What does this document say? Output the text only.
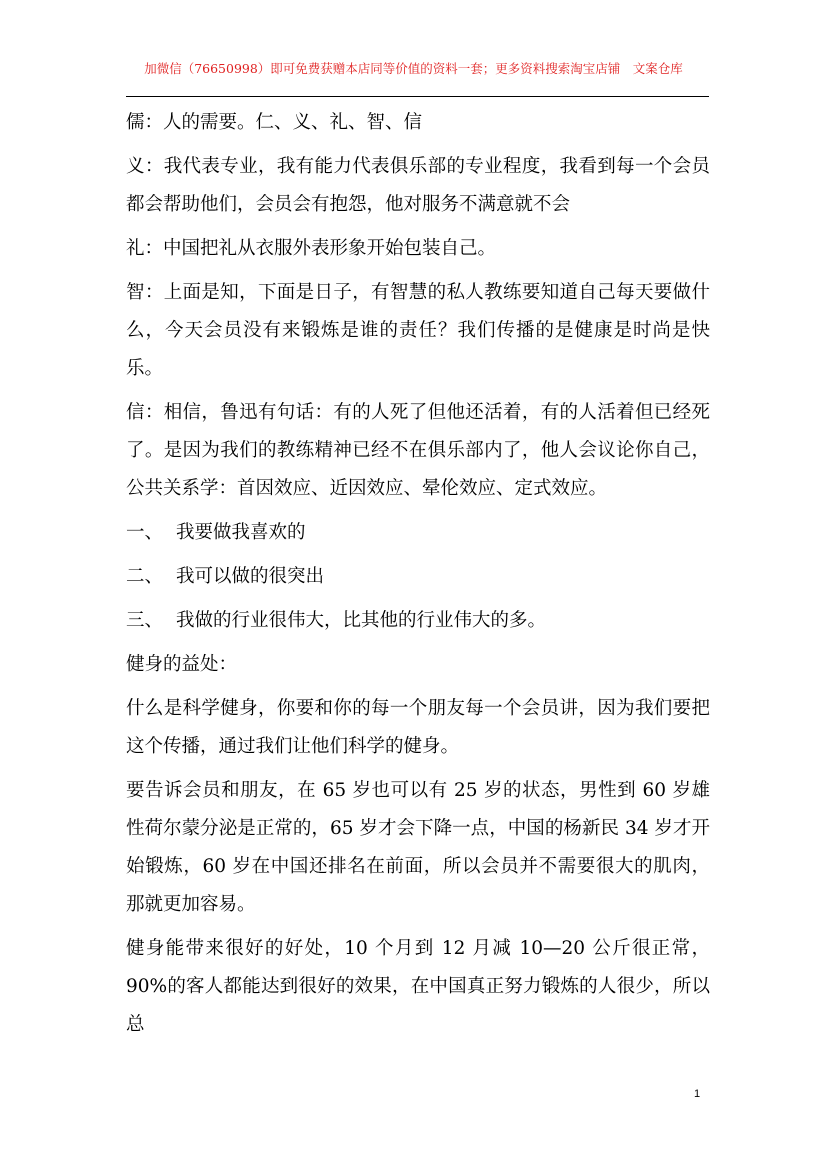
加微信（76650998）即可免费获赠本店同等价值的资料一套；更多资料搜索淘宝店铺　文案仓库

儒：人的需要。仁、义、礼、智、信

义：我代表专业，我有能力代表俱乐部的专业程度，我看到每一个会员都会帮助他们，会员会有抱怨，他对服务不满意就不会

礼：中国把礼从衣服外表形象开始包装自己。

智：上面是知，下面是日子，有智慧的私人教练要知道自己每天要做什么，今天会员没有来锻炼是谁的责任？我们传播的是健康是时尚是快乐。

信：相信，鲁迅有句话：有的人死了但他还活着，有的人活着但已经死了。是因为我们的教练精神已经不在俱乐部内了，他人会议论你自己，公共关系学：首因效应、近因效应、晕伦效应、定式效应。

一、 我要做我喜欢的
二、 我可以做的很突出
三、 我做的行业很伟大，比其他的行业伟大的多。

健身的益处：

什么是科学健身，你要和你的每一个朋友每一个会员讲，因为我们要把这个传播，通过我们让他们科学的健身。

要告诉会员和朋友，在 65 岁也可以有 25 岁的状态，男性到 60 岁雄性荷尔蒙分泌是正常的，65 岁才会下降一点，中国的杨新民 34 岁才开始锻炼，60 岁在中国还排名在前面，所以会员并不需要很大的肌肉，那就更加容易。

健身能带来很好的好处，10 个月到 12 月减 10—20 公斤很正常，90%的客人都能达到很好的效果，在中国真正努力锻炼的人很少，所以总

1
